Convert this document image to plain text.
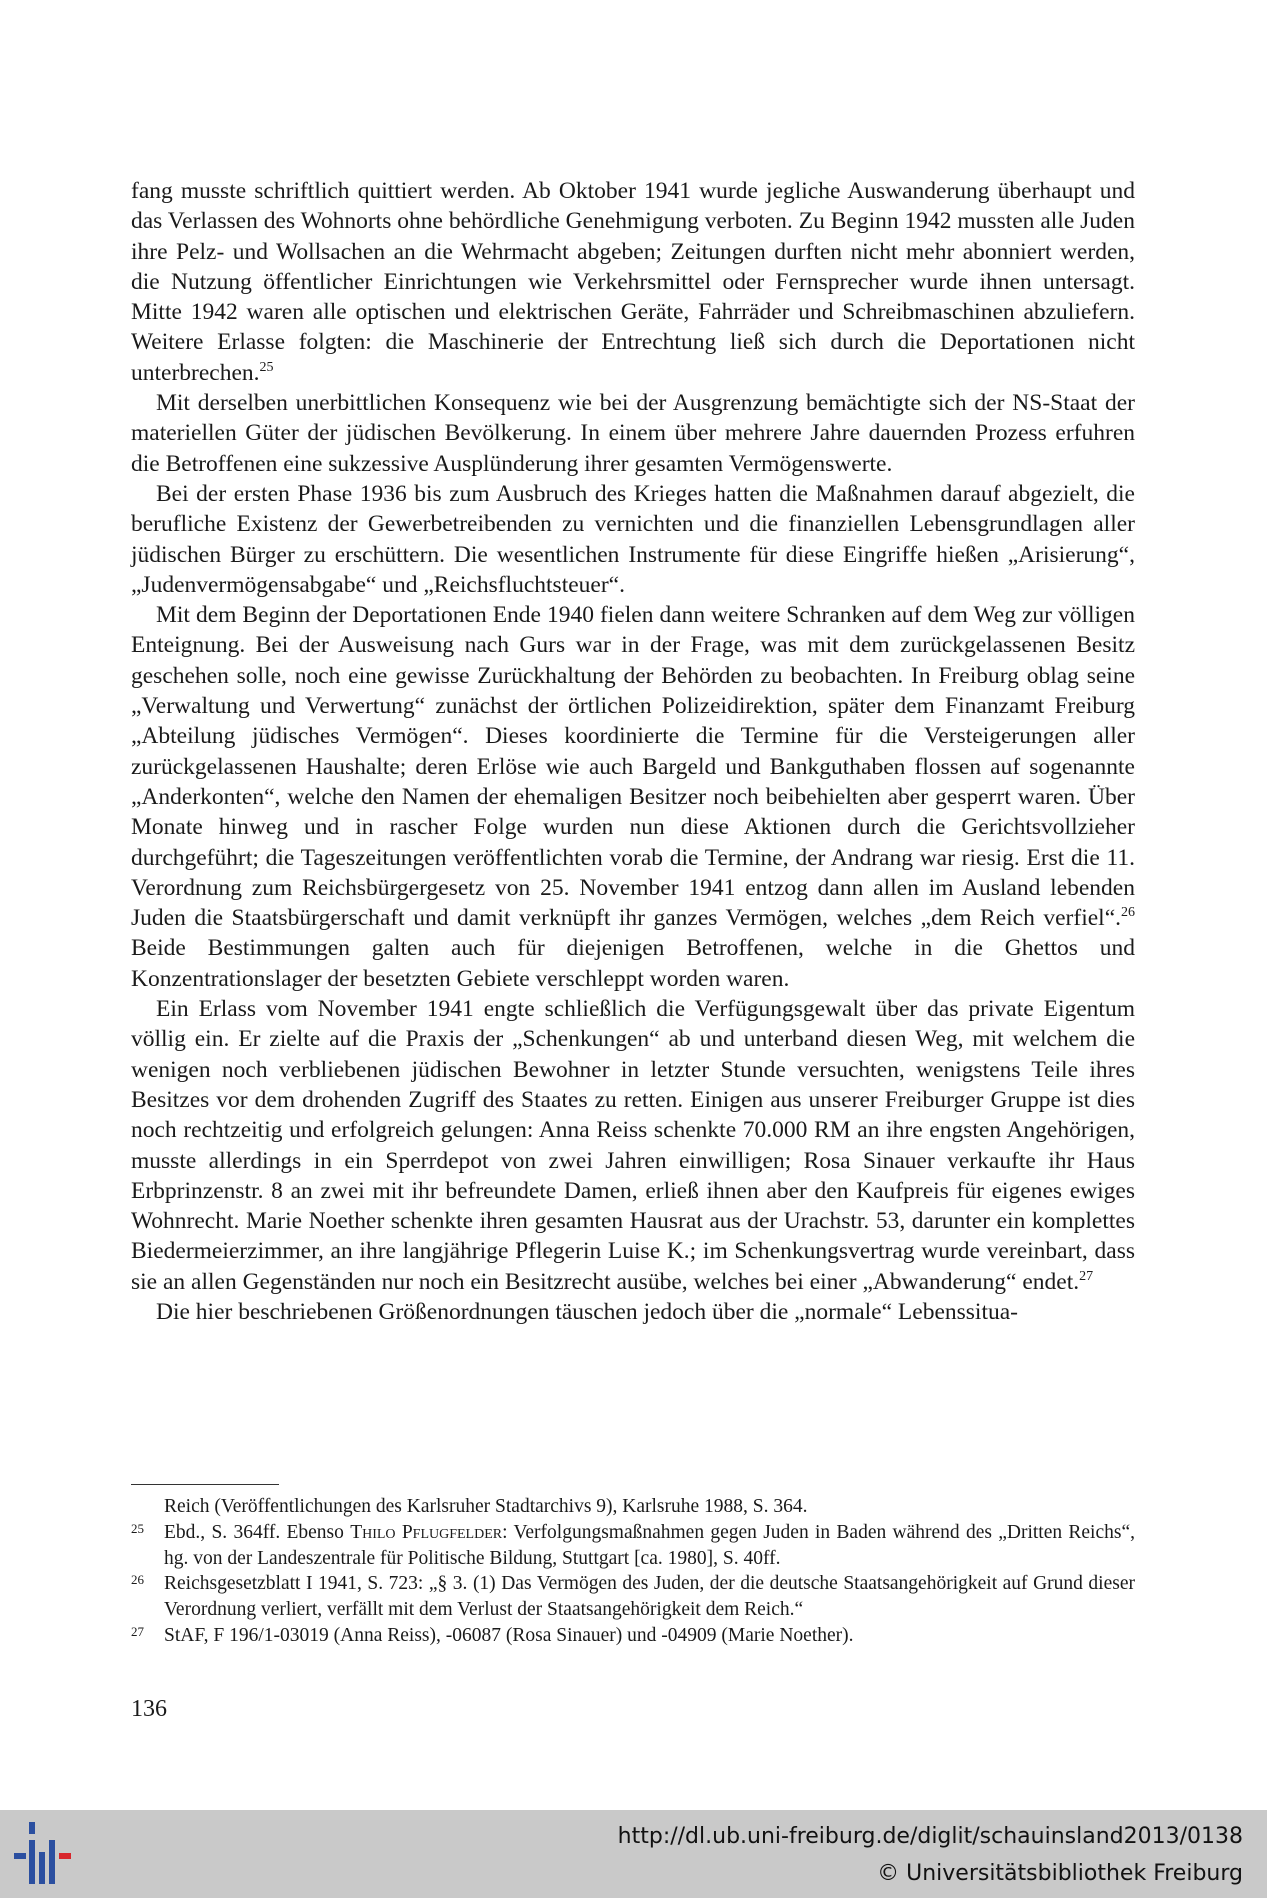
fang musste schriftlich quittiert werden. Ab Oktober 1941 wurde jegliche Auswanderung überhaupt und das Verlassen des Wohnorts ohne behördliche Genehmigung verboten. Zu Beginn 1942 mussten alle Juden ihre Pelz- und Wollsachen an die Wehrmacht abgeben; Zeitungen durften nicht mehr abonniert werden, die Nutzung öffentlicher Einrichtungen wie Verkehrsmittel oder Fernsprecher wurde ihnen untersagt. Mitte 1942 waren alle optischen und elektrischen Geräte, Fahrräder und Schreibmaschinen abzuliefern. Weitere Erlasse folgten: die Maschinerie der Entrechtung ließ sich durch die Deportationen nicht unterbrechen.$^{25}$

Mit derselben unerbittlichen Konsequenz wie bei der Ausgrenzung bemächtigte sich der NS-Staat der materiellen Güter der jüdischen Bevölkerung. In einem über mehrere Jahre dauernden Prozess erfuhren die Betroffenen eine sukzessive Ausplünderung ihrer gesamten Vermögenswerte.

Bei der ersten Phase 1936 bis zum Ausbruch des Krieges hatten die Maßnahmen darauf abgezielt, die berufliche Existenz der Gewerbetreibenden zu vernichten und die finanziellen Lebensgrundlagen aller jüdischen Bürger zu erschüttern. Die wesentlichen Instrumente für diese Eingriffe hießen „Arisierung“, „Judenvermögensabgabe“ und „Reichsfluchtsteuer“.

Mit dem Beginn der Deportationen Ende 1940 fielen dann weitere Schranken auf dem Weg zur völligen Enteignung. Bei der Ausweisung nach Gurs war in der Frage, was mit dem zurückgelassenen Besitz geschehen solle, noch eine gewisse Zurückhaltung der Behörden zu beobachten. In Freiburg oblag seine „Verwaltung und Verwertung“ zunächst der örtlichen Polizeidirektion, später dem Finanzamt Freiburg „Abteilung jüdisches Vermögen“. Dieses koordinierte die Termine für die Versteigerungen aller zurückgelassenen Haushalte; deren Erlöse wie auch Bargeld und Bankguthaben flossen auf sogenannte „Anderkonten“, welche den Namen der ehemaligen Besitzer noch beibehielten aber gesperrt waren. Über Monate hinweg und in rascher Folge wurden nun diese Aktionen durch die Gerichtsvollzieher durchgeführt; die Tageszeitungen veröffentlichten vorab die Termine, der Andrang war riesig. Erst die 11. Verordnung zum Reichsbürgergesetz von 25. November 1941 entzog dann allen im Ausland lebenden Juden die Staatsbürgerschaft und damit verknüpft ihr ganzes Vermögen, welches „dem Reich verfiel“.$^{26}$ Beide Bestimmungen galten auch für diejenigen Betroffenen, welche in die Ghettos und Konzentrationslager der besetzten Gebiete verschleppt worden waren.

Ein Erlass vom November 1941 engte schließlich die Verfügungsgewalt über das private Eigentum völlig ein. Er zielte auf die Praxis der „Schenkungen“ ab und unterband diesen Weg, mit welchem die wenigen noch verbliebenen jüdischen Bewohner in letzter Stunde versuchten, wenigstens Teile ihres Besitzes vor dem drohenden Zugriff des Staates zu retten. Einigen aus unserer Freiburger Gruppe ist dies noch rechtzeitig und erfolgreich gelungen: Anna Reiss schenkte 70.000 RM an ihre engsten Angehörigen, musste allerdings in ein Sperrdepot von zwei Jahren einwilligen; Rosa Sinauer verkaufte ihr Haus Erbprinzenstr. 8 an zwei mit ihr befreundete Damen, erließ ihnen aber den Kaufpreis für eigenes ewiges Wohnrecht. Marie Noether schenkte ihren gesamten Hausrat aus der Urachstr. 53, darunter ein komplettes Biedermeierzimmer, an ihre langjährige Pflegerin Luise K.; im Schenkungsvertrag wurde vereinbart, dass sie an allen Gegenständen nur noch ein Besitzrecht ausübe, welches bei einer „Abwanderung“ endet.$^{27}$

Die hier beschriebenen Größenordnungen täuschen jedoch über die „normale“ Lebenssitua-

Reich (Veröffentlichungen des Karlsruher Stadtarchivs 9), Karlsruhe 1988, S. 364.

25 Ebd., S. 364ff. Ebenso Thilo Pflugfelder: Verfolgungsmaßnahmen gegen Juden in Baden während des „Dritten Reichs“, hg. von der Landeszentrale für Politische Bildung, Stuttgart [ca. 1980], S. 40ff.

26 Reichsgesetzblatt I 1941, S. 723: „§ 3. (1) Das Vermögen des Juden, der die deutsche Staatsangehörigkeit auf Grund dieser Verordnung verliert, verfällt mit dem Verlust der Staatsangehörigkeit dem Reich.“

27 StAF, F 196/1-03019 (Anna Reiss), -06087 (Rosa Sinauer) und -04909 (Marie Noether).

136
http://dl.ub.uni-freiburg.de/diglit/schauinsland2013/0138
© Universitätsbibliothek Freiburg
